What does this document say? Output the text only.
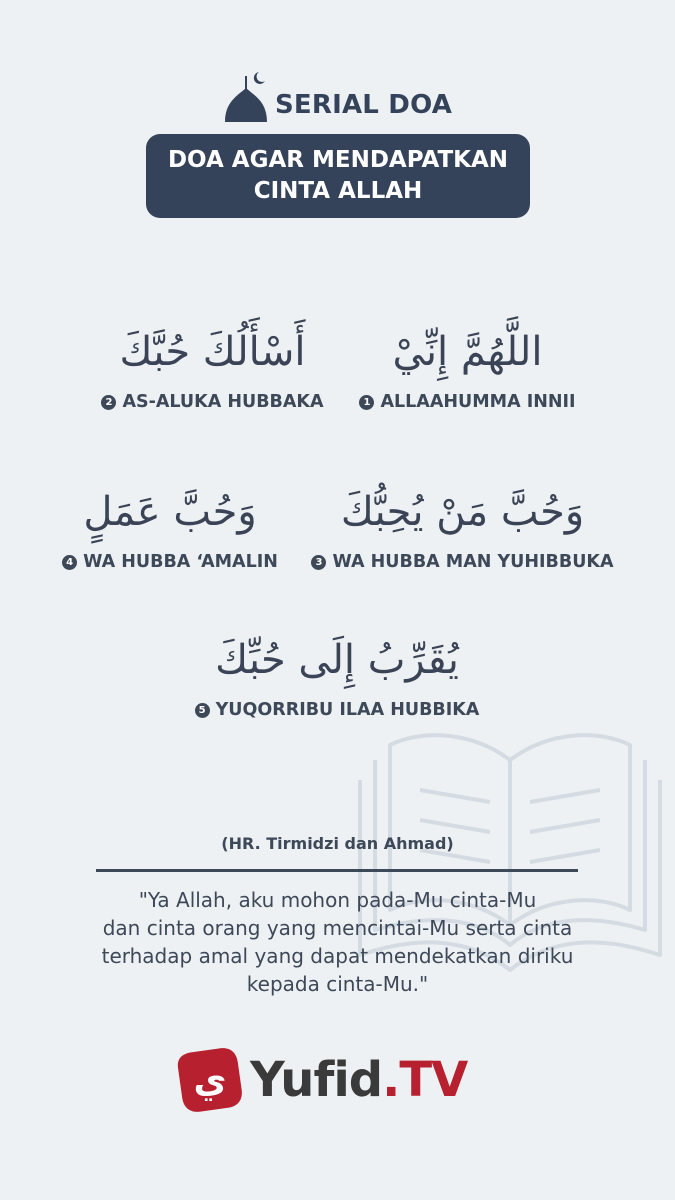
SERIAL DOA
DOA AGAR MENDAPATKAN
CINTA ALLAH
اللَّهُمَّ إِنِّيْ
1 ALLAAHUMMA INNII
أَسْأَلُكَ حُبَّكَ
2 AS-ALUKA HUBBAKA
وَحُبَّ مَنْ يُحِبُّكَ
3 WA HUBBA MAN YUHIBBUKA
وَحُبَّ عَمَلٍ
4 WA HUBBA ‘AMALIN
يُقَرِّبُ إِلَى حُبِّكَ
5 YUQORRIBU ILAA HUBBIKA
(HR. Tirmidzi dan Ahmad)
"Ya Allah, aku mohon pada-Mu cinta-Mu
dan cinta orang yang mencintai-Mu serta cinta
terhadap amal yang dapat mendekatkan diriku
kepada cinta-Mu."
ي Yufid.TV
